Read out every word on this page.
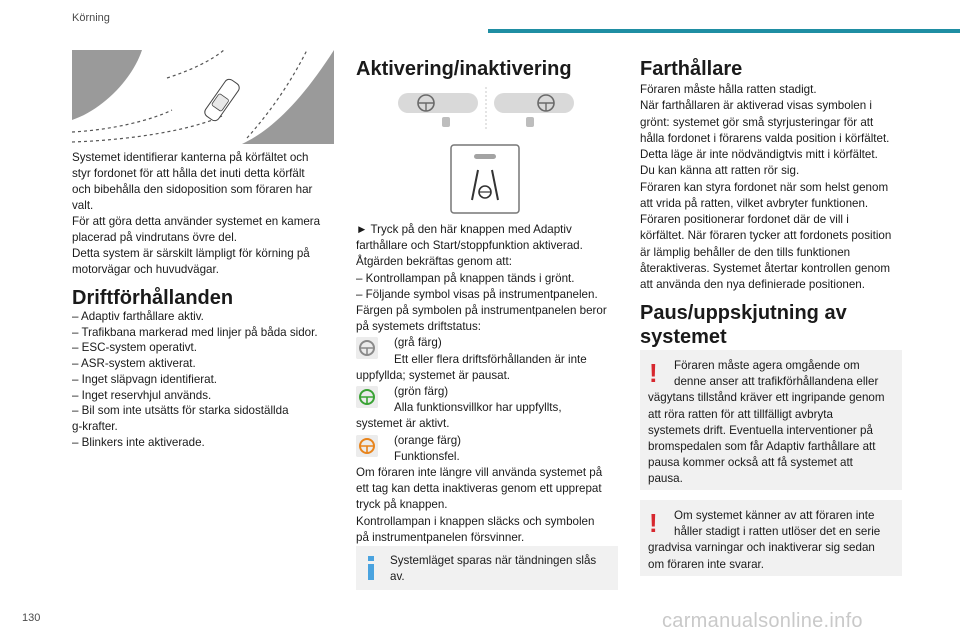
Körning

Systemet identifierar kanterna på körfältet och

styr fordonet för att hålla det inuti detta körfält

och bibehålla den sidoposition som föraren har

valt.

För att göra detta använder systemet en kamera

placerad på vindrutans övre del.

Detta system är särskilt lämpligt för körning på

motorvägar och huvudvägar.

Driftförhållanden

– Adaptiv farthållare aktiv.

– Trafikbana markerad med linjer på båda sidor.

– ESC-system operativt.

– ASR-system aktiverat.

– Inget släpvagn identifierat.

– Inget reservhjul används.

– Bil som inte utsätts för starka sidoställda

g-krafter.

– Blinkers inte aktiverade.

Aktivering/inaktivering

► Tryck på den här knappen med Adaptiv

farthållare och Start/stoppfunktion aktiverad.

Åtgärden bekräftas genom att:

– Kontrollampan på knappen tänds i grönt.

– Följande symbol visas på instrumentpanelen.

Färgen på symbolen på instrumentpanelen beror

på systemets driftstatus:

(grå färg)

Ett eller flera driftsförhållanden är inte

uppfyllda; systemet är pausat.

(grön färg)

Alla funktionsvillkor har uppfyllts,

systemet är aktivt.

(orange färg)

Funktionsfel.

Om föraren inte längre vill använda systemet på

ett tag kan detta inaktiveras genom ett upprepat

tryck på knappen.

Kontrollampan i knappen släcks och symbolen

på instrumentpanelen försvinner.

Systemläget sparas när tändningen slås

av.

Farthållare

Föraren måste hålla ratten stadigt.

När farthållaren är aktiverad visas symbolen i

grönt: systemet gör små styrjusteringar för att

hålla fordonet i förarens valda position i körfältet.

Detta läge är inte nödvändigtvis mitt i körfältet.

Du kan känna att ratten rör sig.

Föraren kan styra fordonet när som helst genom

att vrida på ratten, vilket avbryter funktionen.

Föraren positionerar fordonet där de vill i

körfältet. När föraren tycker att fordonets position

är lämplig behåller de den tills funktionen

återaktiveras. Systemet återtar kontrollen genom

att använda den nya definierade positionen.

Paus/uppskjutning av
systemet
!	Föraren måste agera omgående om

denne anser att trafikförhållandena eller

vägytans tillstånd kräver ett ingripande genom

att röra ratten för att tillfälligt avbryta

systemets drift. Eventuella interventioner på

bromspedalen som får Adaptiv farthållare att

pausa kommer också att få systemet att

pausa.

!	Om systemet känner av att föraren inte

håller stadigt i ratten utlöser det en serie

gradvisa varningar och inaktiverar sig sedan

om föraren inte svarar.

130	carmanualsonline.info
